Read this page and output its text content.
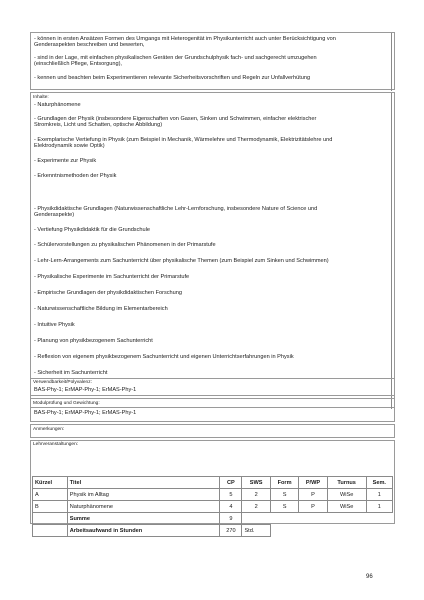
- können in ersten Ansätzen Formen des Umgangs mit Heterogenität im Physikunterricht auch unter Berücksichtigung von
Genderaspekten beschreiben und bewerten,
- sind in der Lage, mit einfachen physikalischen Geräten der Grundschulphysik fach- und sachgerecht umzugehen
(einschließlich Pflege, Entsorgung),
- kennen und beachten beim Experimentieren relevante Sicherheitsvorschriften und Regeln zur Unfallverhütung
Inhalte:
- Naturphänomene
- Grundlagen der Physik (insbesondere Eigenschaften von Gasen, Sinken und Schwimmen, einfacher elektrischer
Stromkreis, Licht und Schatten, optische Abbildung)
- Exemplarische Vertiefung in Physik (zum Beispiel in Mechanik, Wärmelehre und Thermodynamik, Elektrizitätslehre und
Elektrodynamik sowie Optik)
- Experimente zur Physik
- Erkenntnismethoden der Physik
- Physikdidaktische Grundlagen (Naturwissenschaftliche Lehr-Lernforschung, insbesondere Nature of Science und
Genderaspekte)
- Vertiefung Physikdidaktik für die Grundschule
- Schülervorstellungen zu physikalischen Phänomenen in der Primarstufe
- Lehr-Lern-Arrangements zum Sachunterricht über physikalische Themen (zum Beispiel zum Sinken und Schwimmen)
- Physikalische Experimente im Sachunterricht der Primarstufe
- Empirische Grundlagen der physikdidaktischen Forschung
- Naturwissenschaftliche Bildung im Elementarbereich
- Intuitive Physik
- Planung von physikbezogenem Sachunterricht
- Reflexion von eigenem physikbezogenem Sachunterricht und eigenen Unterrichtserfahrungen in Physik
- Sicherheit im Sachunterricht
Verwendbarkeit/Polyvalenz:
BAS-Phy-1; ErMAP-Phy-1; ErMAS-Phy-1
Modulprüfung und Gewichtung:
BAS-Phy-1; ErMAP-Phy-1; ErMAS-Phy-1
Anmerkungen:
Lehrveranstaltungen:
Kürzel	Titel	CP	SWS	Form	P/WP	Turnus	Sem.
A	Physik im Alltag	5	2	S	P	WiSe	1
B	Naturphänomene	4	2	S	P	WiSe	1
	Summe	9					
	Arbeitsaufwand in Stunden	270	Std.				
96
